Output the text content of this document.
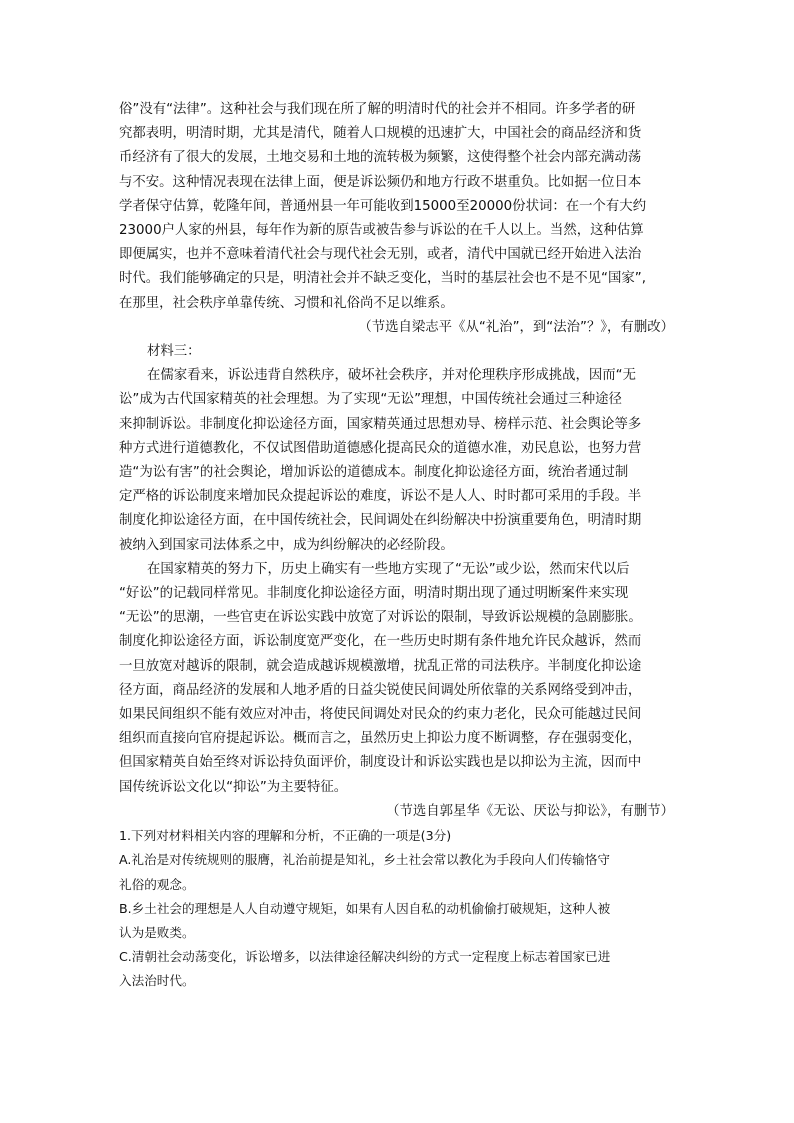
俗”没有“法律”。这种社会与我们现在所了解的明清时代的社会并不相同。许多学者的研
究都表明，明清时期，尤其是清代，随着人口规模的迅速扩大，中国社会的商品经济和货
币经济有了很大的发展，土地交易和土地的流转极为频繁，这使得整个社会内部充满动荡
与不安。这种情况表现在法律上面，便是诉讼频仍和地方行政不堪重负。比如据一位日本
学者保守估算，乾隆年间，普通州县一年可能收到15000至20000份状词：在一个有大约
23000户人家的州县，每年作为新的原告或被告参与诉讼的在千人以上。当然，这种估算
即便属实，也并不意味着清代社会与现代社会无别，或者，清代中国就已经开始进入法治
时代。我们能够确定的只是，明清社会并不缺乏变化，当时的基层社会也不是不见“国家”,
在那里，社会秩序单靠传统、习惯和礼俗尚不足以维系。
（节选自梁志平《从“礼治”，到“法治”？》，有删改）
材料三：
在儒家看来，诉讼违背自然秩序，破坏社会秩序，并对伦理秩序形成挑战，因而“无
讼”成为古代国家精英的社会理想。为了实现“无讼”理想，中国传统社会通过三种途径
来抑制诉讼。非制度化抑讼途径方面，国家精英通过思想劝导、榜样示范、社会舆论等多
种方式进行道德教化，不仅试图借助道德感化提高民众的道德水准，劝民息讼，也努力营
造“为讼有害”的社会舆论，增加诉讼的道德成本。制度化抑讼途径方面，统治者通过制
定严格的诉讼制度来增加民众提起诉讼的难度，诉讼不是人人、时时都可采用的手段。半
制度化抑讼途径方面，在中国传统社会，民间调处在纠纷解决中扮演重要角色，明清时期
被纳入到国家司法体系之中，成为纠纷解决的必经阶段。
在国家精英的努力下，历史上确实有一些地方实现了“无讼”或少讼，然而宋代以后
“好讼”的记载同样常见。非制度化抑讼途径方面，明清时期出现了通过明断案件来实现
“无讼”的思潮，一些官吏在诉讼实践中放宽了对诉讼的限制，导致诉讼规模的急剧膨胀。
制度化抑讼途径方面，诉讼制度宽严变化，在一些历史时期有条件地允许民众越诉，然而
一旦放宽对越诉的限制，就会造成越诉规模激增，扰乱正常的司法秩序。半制度化抑讼途
径方面，商品经济的发展和人地矛盾的日益尖锐使民间调处所依靠的关系网络受到冲击，
如果民间组织不能有效应对冲击，将使民间调处对民众的约束力老化，民众可能越过民间
组织而直接向官府提起诉讼。概而言之，虽然历史上抑讼力度不断调整，存在强弱变化，
但国家精英自始至终对诉讼持负面评价，制度设计和诉讼实践也是以抑讼为主流，因而中
国传统诉讼文化以“抑讼”为主要特征。
（节选自郭星华《无讼、厌讼与抑讼》，有删节）
1.下列对材料相关内容的理解和分析，不正确的一项是(3分)
A.礼治是对传统规则的服膺，礼治前提是知礼，乡土社会常以教化为手段向人们传输恪守
礼俗的观念。
B.乡土社会的理想是人人自动遵守规矩，如果有人因自私的动机偷偷打破规矩，这种人被
认为是败类。
C.清朝社会动荡变化，诉讼增多，以法律途径解决纠纷的方式一定程度上标志着国家已进
入法治时代。
